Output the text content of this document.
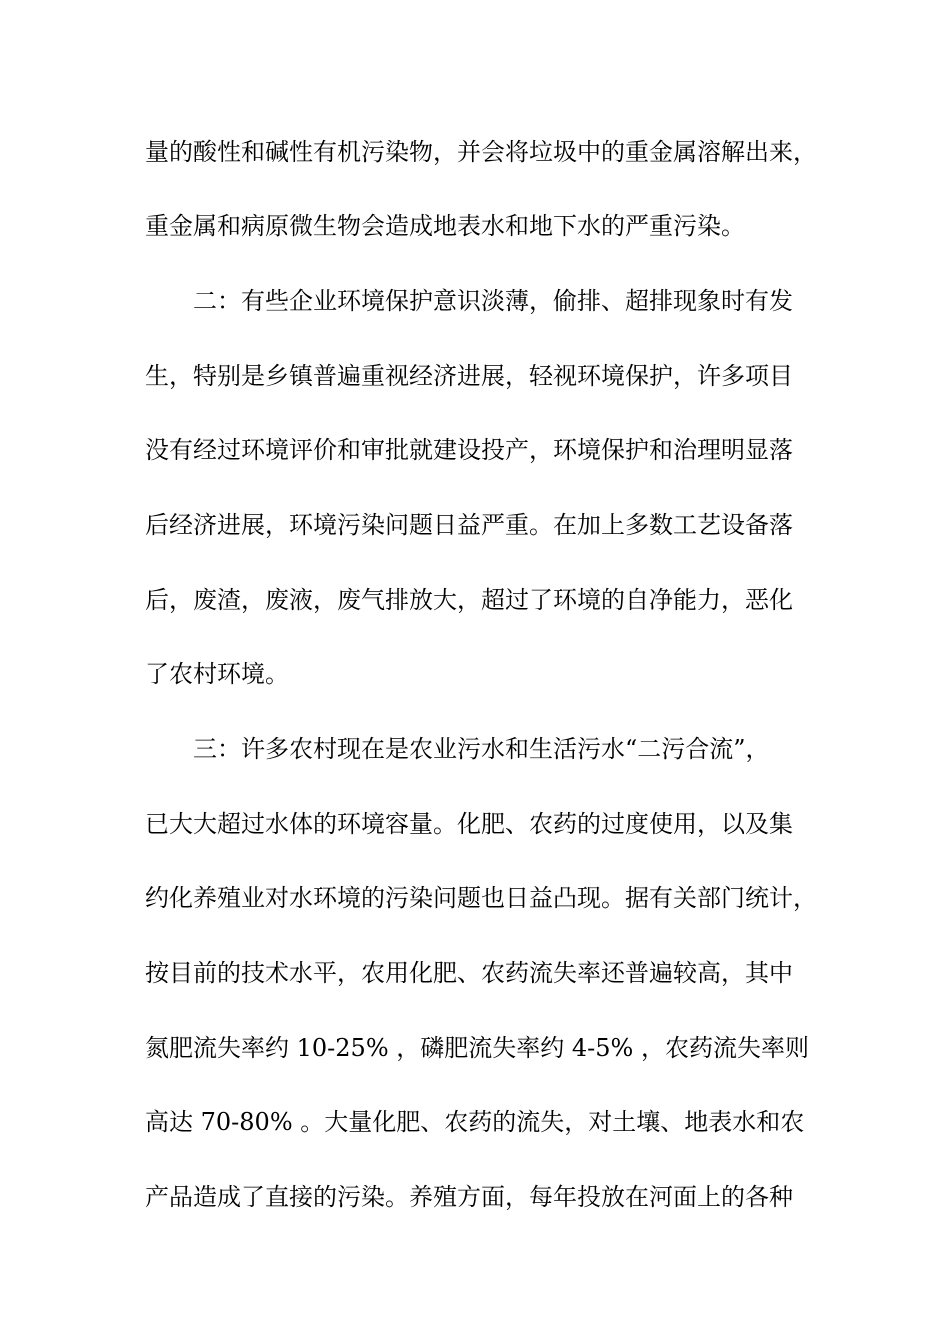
量的酸性和碱性有机污染物，并会将垃圾中的重金属溶解出来，
重金属和病原微生物会造成地表水和地下水的严重污染。
二：有些企业环境保护意识淡薄，偷排、超排现象时有发
生，特别是乡镇普遍重视经济进展，轻视环境保护，许多项目
没有经过环境评价和审批就建设投产，环境保护和治理明显落
后经济进展，环境污染问题日益严重。在加上多数工艺设备落
后，废渣，废液，废气排放大，超过了环境的自净能力，恶化
了农村环境。
三：许多农村现在是农业污水和生活污水“二污合流”，
已大大超过水体的环境容量。化肥、农药的过度使用，以及集
约化养殖业对水环境的污染问题也日益凸现。据有关部门统计，
按目前的技术水平，农用化肥、农药流失率还普遍较高，其中
氮肥流失率约 10-25% ，磷肥流失率约 4-5% ，农药流失率则
高达 70-80% 。大量化肥、农药的流失，对土壤、地表水和农
产品造成了直接的污染。养殖方面，每年投放在河面上的各种
